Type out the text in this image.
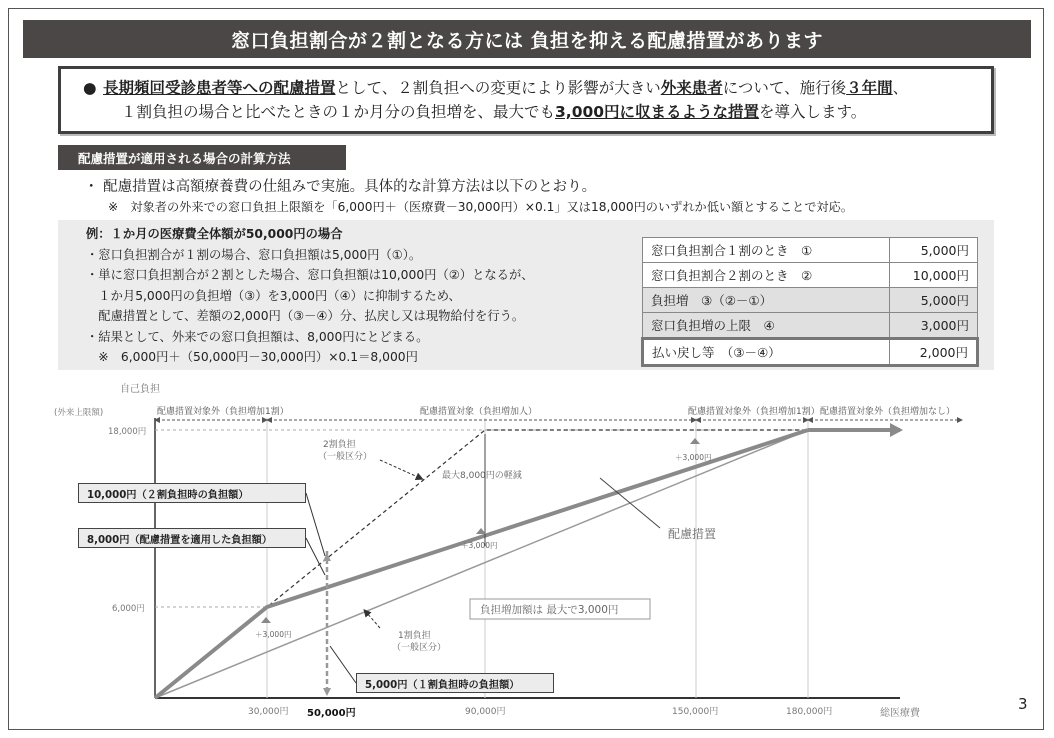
窓口負担割合が２割となる方には 負担を抑える配慮措置があります
● 長期頻回受診患者等への配慮措置として、２割負担への変更により影響が大きい外来患者について、施行後３年間、
１割負担の場合と比べたときの１か月分の負担増を、最大でも3,000円に収まるような措置を導入します。
配慮措置が適用される場合の計算方法
・ 配慮措置は高額療養費の仕組みで実施。具体的な計算方法は以下のとおり。
※　対象者の外来での窓口負担上限額を「6,000円＋（医療費－30,000円）×0.1」又は18,000円のいずれか低い額とすることで対応。
例：１か月の医療費全体額が50,000円の場合
・窓口負担割合が１割の場合、窓口負担額は5,000円（①）。
・単に窓口負担割合が２割とした場合、窓口負担額は10,000円（②）となるが、
　１か月5,000円の負担増（③）を3,000円（④）に抑制するため、
　配慮措置として、差額の2,000円（③－④）分、払戻し又は現物給付を行う。
・結果として、外来での窓口負担額は、8,000円にとどまる。
　※　6,000円＋（50,000円－30,000円）×0.1＝8,000円
窓口負担割合１割のとき　①	5,000円
窓口負担割合２割のとき　②	10,000円
負担増　③（②－①）	5,000円
窓口負担増の上限　④	3,000円
払い戻し等　（③－④）	2,000円
配慮措置対象外（負担増加1割）	配慮措置対象（負担増加人）	配慮措置対象外（負担増加1割） 配慮措置対象外（負担増加なし）
自己負担
(外来上限額)
18,000円
6,000円
30,000円 50,000円	90,000円	150,000円	180,000円	総医療費
2割負担
（一般区分）
1割負担
（一般区分）
最大8,000円の軽減
配慮措置
負担増加額は 最大で3,000円
＋3,000円
＋3,000円
＋3,000円
10,000円（２割負担時の負担額）
8,000円（配慮措置を適用した負担額）
5,000円（１割負担時の負担額）
3
